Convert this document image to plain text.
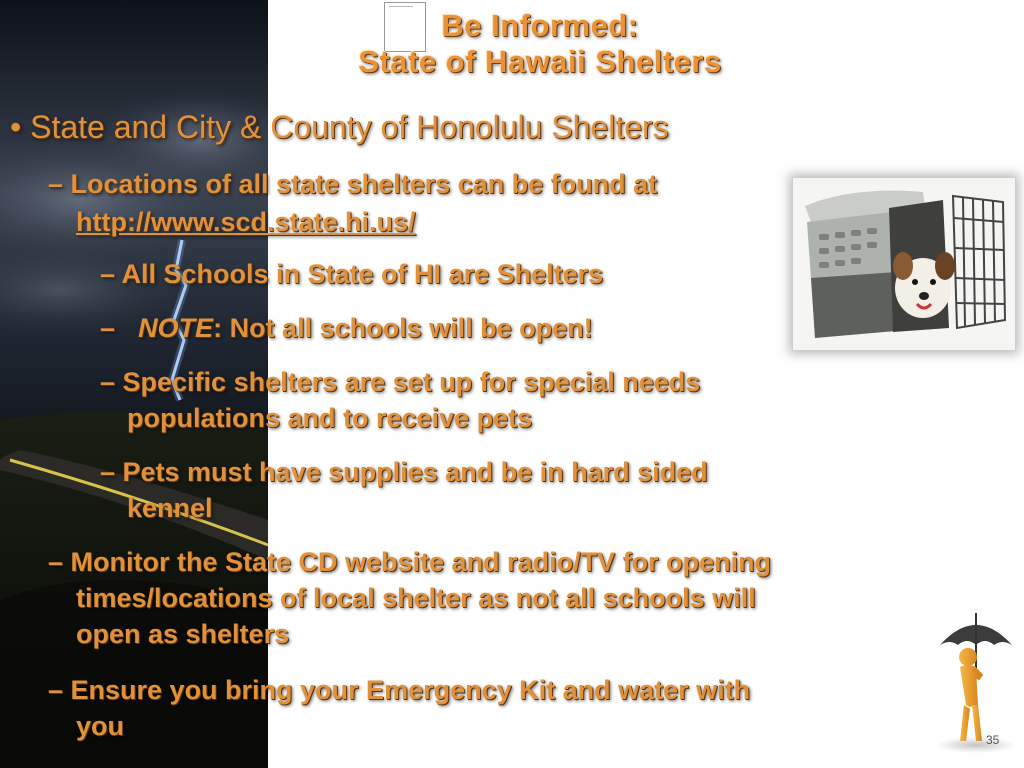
Be Informed:
State of Hawaii Shelters
• State and City & County of Honolulu Shelters
– Locations of all state shelters can be found at
http://www.scd.state.hi.us/
– All Schools in State of HI are Shelters
– NOTE: Not all schools will be open!
– Specific shelters are set up for special needs
populations and to receive pets
– Pets must have supplies and be in hard sided
kennel
– Monitor the State CD website and radio/TV for opening
times/locations of local shelter as not all schools will
open as shelters
– Ensure you bring your Emergency Kit and water with
you	35
